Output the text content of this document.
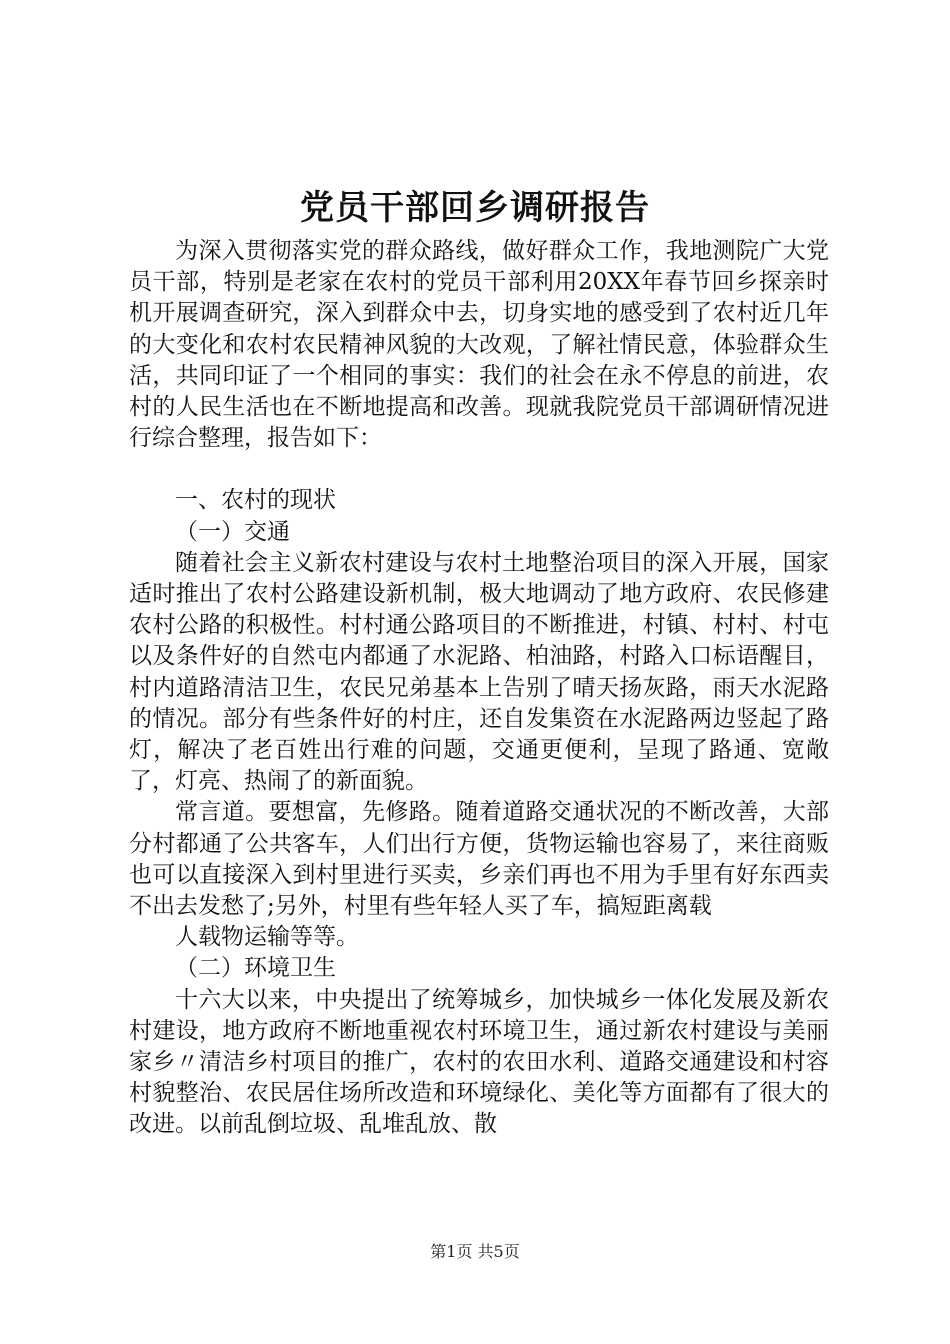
党员干部回乡调研报告

为深入贯彻落实党的群众路线，做好群众工作，我地测院广大党员干部，特别是老家在农村的党员干部利用20XX年春节回乡探亲时机开展调查研究，深入到群众中去，切身实地的感受到了农村近几年的大变化和农村农民精神风貌的大改观，了解社情民意，体验群众生活，共同印证了一个相同的事实：我们的社会在永不停息的前进，农村的人民生活也在不断地提高和改善。现就我院党员干部调研情况进行综合整理，报告如下：

一、农村的现状

（一）交通

随着社会主义新农村建设与农村土地整治项目的深入开展，国家适时推出了农村公路建设新机制，极大地调动了地方政府、农民修建农村公路的积极性。村村通公路项目的不断推进，村镇、村村、村屯以及条件好的自然屯内都通了水泥路、柏油路，村路入口标语醒目，村内道路清洁卫生，农民兄弟基本上告别了晴天扬灰路，雨天水泥路的情况。部分有些条件好的村庄，还自发集资在水泥路两边竖起了路灯，解决了老百姓出行难的问题，交通更便利，呈现了路通、宽敞了，灯亮、热闹了的新面貌。

常言道。要想富，先修路。随着道路交通状况的不断改善，大部分村都通了公共客车，人们出行方便，货物运输也容易了，来往商贩也可以直接深入到村里进行买卖，乡亲们再也不用为手里有好东西卖不出去发愁了;另外，村里有些年轻人买了车，搞短距离载

人载物运输等等。

（二）环境卫生

十六大以来，中央提出了统筹城乡，加快城乡一体化发展及新农村建设，地方政府不断地重视农村环境卫生，通过新农村建设与美丽家乡〃清洁乡村项目的推广，农村的农田水利、道路交通建设和村容村貌整治、农民居住场所改造和环境绿化、美化等方面都有了很大的改进。以前乱倒垃圾、乱堆乱放、散

第1页 共5页
